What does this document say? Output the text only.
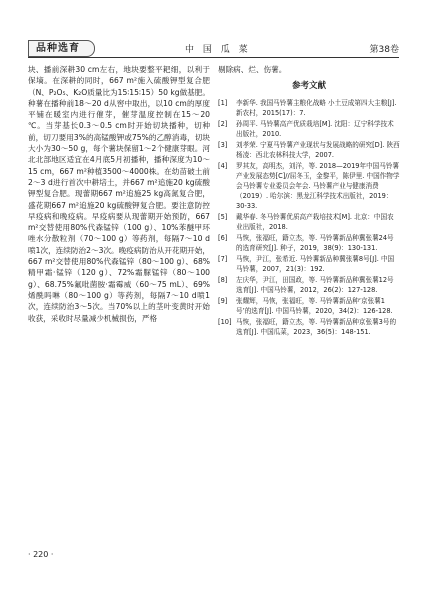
品种选育	中 国 瓜 菜	第38卷

块、播前深耕30 cm左右，地块要整平耙细，以利于保墒。在深耕的同时，667 m²施入硫酸钾型复合肥（N、P₂O₅、K₂O质量比为15∶15∶15）50 kg做基肥。种薯在播种前18～20 d从窖中取出，以10 cm的厚度平铺在暖室内进行催芽，催芽温度控制在15～20 ℃。当芽基长0.3～0.5 cm时开始切块播种，切种前，切刀要用3%的高锰酸钾或75%的乙醇消毒，切块大小为30～50 g，每个薯块保留1～2个健康芽眼。河北北部地区适宜在4月底5月初播种，播种深度为10～15 cm，667 m²种植3500～4000株。在幼苗破土前2～3 d进行首次中耕培土，并667 m²追施20 kg硫酸钾型复合肥。现蕾期667 m²追施25 kg高氮复合肥，盛花期667 m²追施20 kg硫酸钾复合肥。要注意防控早疫病和晚疫病。早疫病要从现蕾期开始预防，667 m²交替使用80%代森锰锌（100 g）、10%苯醚甲环唑水分散粒剂（70～100 g）等药剂，每隔7～10 d喷1次，连续防治2～3次。晚疫病防治从开花期开始，667 m²交替使用80%代森锰锌（80～100 g）、68%精甲霜·锰锌（120 g）、72%霜脲锰锌（80～100 g）、68.75%氟吡菌胺·霜霉威（60～75 mL）、69%烯酰吗啉（80～100 g）等药剂，每隔7～10 d喷1次，连续防治3～5次。当70%以上的茎叶变黄时开始收获，采收时尽量减少机械损伤，严格

剔除病、烂、伤薯。

参考文献
[1]	李新华. 我国马铃薯主粮化战略 小土豆成第四大主粮[J]. 新农村，2015(17)：7.
[2]	孙周平. 马铃薯高产优质栽培[M]. 沈阳：辽宁科学技术出版社，2010.
[3]	刘孝荣. 宁夏马铃薯产业现状与发展战略的研究[D]. 陕西杨凌：西北农林科技大学，2007.
[4]	罗其友，高明杰，刘洋，等. 2018—2019年中国马铃薯产业发展态势[C]//屈冬玉，金黎平，陈伊里. 中国作物学会马铃薯专业委员会年会. 马铃薯产业与健康消费（2019）. 哈尔滨：黑龙江科学技术出版社，2019：30-33.
[5]	戴华春. 冬马铃薯优质高产栽培技术[M]. 北京：中国农业出版社，2018.
[6]	马恢，张福旺，籍立杰，等. 马铃薯新品种冀张薯24号的选育研究[J]. 种子，2019，38(9)：130-131.
[7]	马恢，尹江，张希近. 马铃薯新品种冀张薯8号[J]. 中国马铃薯，2007，21(3)：192.
[8]	左庆华，尹江，田国政，等. 马铃薯新品种冀张薯12号选育[J]. 中国马铃薯，2012，26(2)：127-128.
[9]	张耀辉，马恢，张福旺，等. 马铃薯新品种‘京张薯1号’的选育[J]. 中国马铃薯，2020，34(2)：126-128.
[10] 马恢，张福旺，籍立杰，等. 马铃薯新品种京张薯3号的选育[J]. 中国瓜菜，2023，36(5)：148-151.
· 220 ·
